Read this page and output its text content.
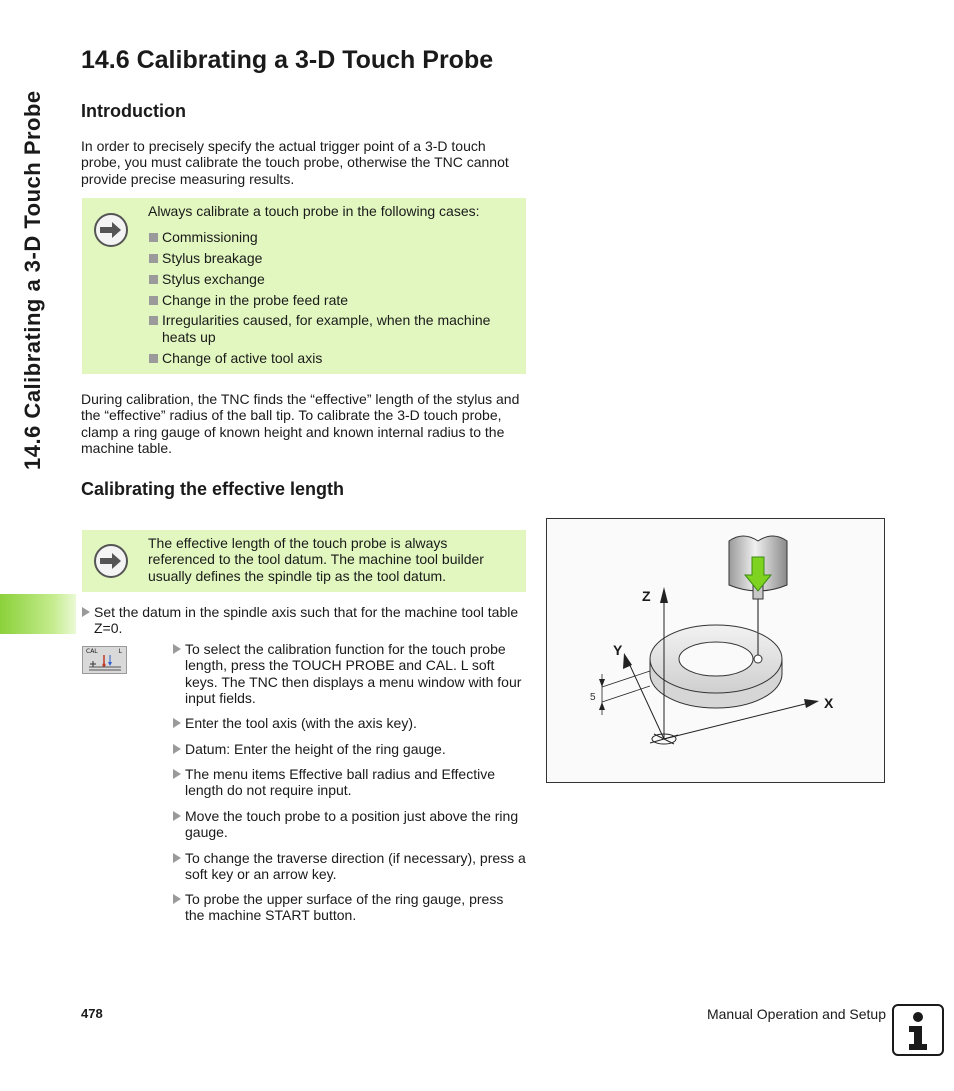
14.6 Calibrating a 3-D Touch Probe
14.6 Calibrating a 3-D Touch Probe
Introduction
In order to precisely specify the actual trigger point of a 3-D touch probe, you must calibrate the touch probe, otherwise the TNC cannot provide precise measuring results.
Always calibrate a touch probe in the following cases:
Commissioning
Stylus breakage
Stylus exchange
Change in the probe feed rate
Irregularities caused, for example, when the machine heats up
Change of active tool axis
During calibration, the TNC finds the “effective” length of the stylus and the “effective” radius of the ball tip. To calibrate the 3-D touch probe, clamp a ring gauge of known height and known internal radius to the machine table.
Calibrating the effective length
The effective length of the touch probe is always referenced to the tool datum. The machine tool builder usually defines the spindle tip as the tool datum.
Set the datum in the spindle axis such that for the machine tool table Z=0.
CAL	L	To select the calibration function for the touch probe length, press the TOUCH PROBE and CAL. L soft keys. The TNC then displays a menu window with four input fields.
Enter the tool axis (with the axis key).
Datum: Enter the height of the ring gauge.
The menu items Effective ball radius and Effective length do not require input.
Move the touch probe to a position just above the ring gauge.
To change the traverse direction (if necessary), press a soft key or an arrow key.
To probe the upper surface of the ring gauge, press the machine START button.
Z
Y
X
5
478	Manual Operation and Setup
